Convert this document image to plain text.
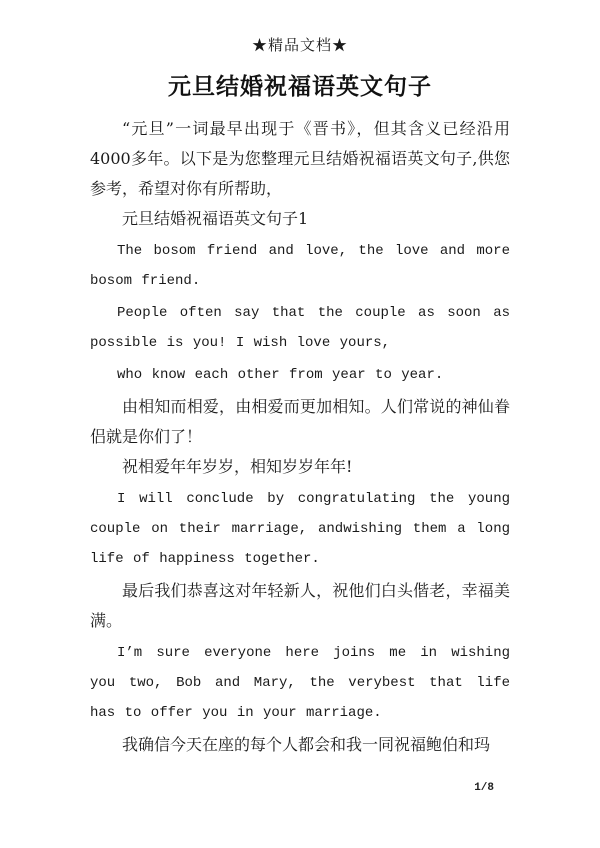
★精品文档★
元旦结婚祝福语英文句子

“元旦”一词最早出现于《晋书》，但其含义已经沿用4000多年。以下是为您整理元旦结婚祝福语英文句子,供您参考，希望对你有所帮助，

元旦结婚祝福语英文句子1

The bosom friend and love, the love and more bosom friend.

People often say that the couple as soon as possible is you! I wish love yours,

who know each other from year to year.

由相知而相爱，由相爱而更加相知。人们常说的神仙眷侣就是你们了！

祝相爱年年岁岁，相知岁岁年年!

I will conclude by congratulating the young couple on their marriage, andwishing them a long life of happiness together.

最后我们恭喜这对年轻新人，祝他们白头偕老，幸福美满。

I’m sure everyone here joins me in wishing you two, Bob and Mary, the verybest that life has to offer you in your marriage.

我确信今天在座的每个人都会和我一同祝福鲍伯和玛

1/8
